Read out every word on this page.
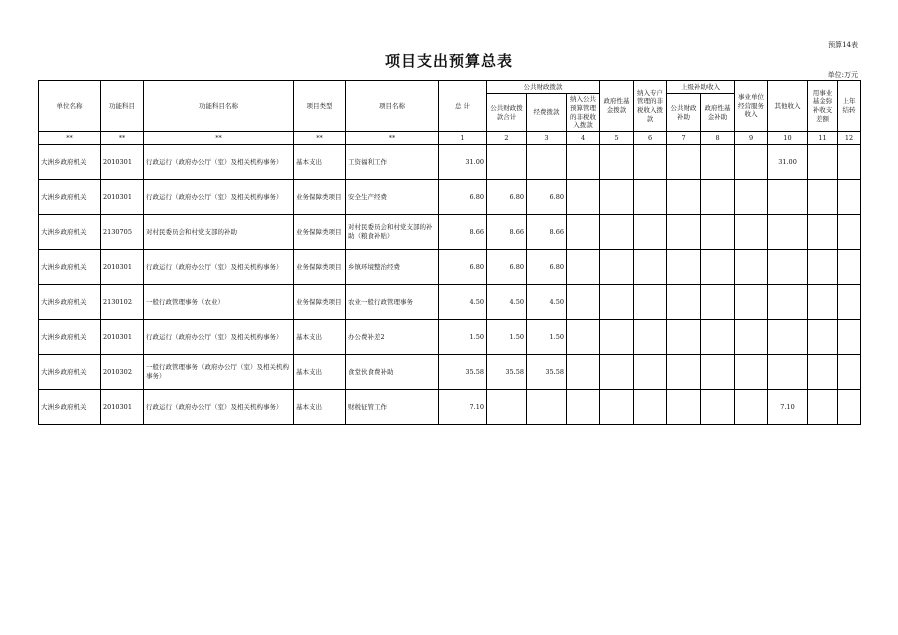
预算14表
项目支出预算总表
单位:万元
单位名称	功能科目	功能科目名称	项目类型	项目名称	总 计	公共财政拨款			政府性基金拨款	纳入专户管理的非税收入拨款	上级补助收入		事业单位经营服务收入	其他收入	用事业基金弥补收支差额	上年结转
						公共财政拨款合计	经费拨款	纳入公共预算管理的非税收入拨款			公共财政补助	政府性基金补助				
**	**	**	**	**	1	2	3	4	5	6	7	8	9	10	11	12
大洲乡政府机关	2010301	行政运行（政府办公厅（室）及相关机构事务）	基本支出	工资福利工作	31.00									31.00		
大洲乡政府机关	2010301	行政运行（政府办公厅（室）及相关机构事务）	业务保障类项目	安全生产经费	6.80	6.80	6.80									
大洲乡政府机关	2130705	对村民委员会和村党支部的补助	业务保障类项目	对村民委员会和村党支部的补助（粮食补贴）	8.66	8.66	8.66									
大洲乡政府机关	2010301	行政运行（政府办公厅（室）及相关机构事务）	业务保障类项目	乡镇环境整治经费	6.80	6.80	6.80									
大洲乡政府机关	2130102	一般行政管理事务（农业）	业务保障类项目	农业一般行政管理事务	4.50	4.50	4.50									
大洲乡政府机关	2010301	行政运行（政府办公厅（室）及相关机构事务）	基本支出	办公费补差2	1.50	1.50	1.50									
大洲乡政府机关	2010302	一般行政管理事务（政府办公厅（室）及相关机构事务）	基本支出	食堂伙食费补助	35.58	35.58	35.58									
大洲乡政府机关	2010301	行政运行（政府办公厅（室）及相关机构事务）	基本支出	财税征管工作	7.10									7.10		
